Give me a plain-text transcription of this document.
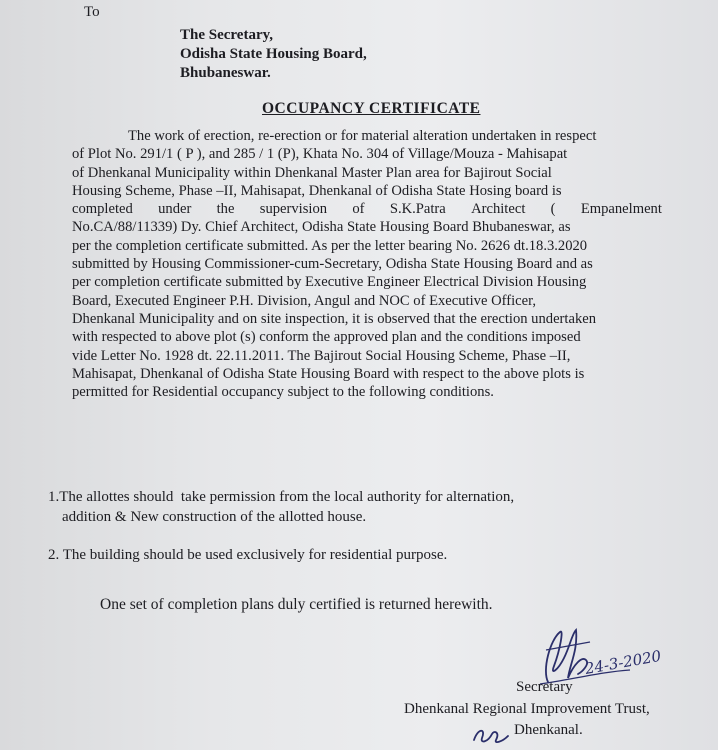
To
The Secretary,
Odisha State Housing Board,
Bhubaneswar.
OCCUPANCY CERTIFICATE
The work of erection, re-erection or for material alteration undertaken in respect
of Plot No. 291/1 ( P ), and 285 / 1 (P), Khata No. 304 of Village/Mouza - Mahisapat
of Dhenkanal Municipality within Dhenkanal Master Plan area for Bajirout Social
Housing Scheme, Phase –II, Mahisapat, Dhenkanal of Odisha State Hosing board is
completed under the supervision of S.K.Patra Architect ( Empanelment
No.CA/88/11339) Dy. Chief Architect, Odisha State Housing Board Bhubaneswar, as
per the completion certificate submitted. As per the letter bearing No. 2626 dt.18.3.2020
submitted by Housing Commissioner-cum-Secretary, Odisha State Housing Board and as
per completion certificate submitted by Executive Engineer Electrical Division Housing
Board, Executed Engineer P.H. Division, Angul and NOC of Executive Officer,
Dhenkanal Municipality and on site inspection, it is observed that the erection undertaken
with respected to above plot (s) conform the approved plan and the conditions imposed
vide Letter No. 1928 dt. 22.11.2011. The Bajirout Social Housing Scheme, Phase –II,
Mahisapat, Dhenkanal of Odisha State Housing Board with respect to the above plots is
permitted for Residential occupancy subject to the following conditions.
1.The allottes should  take permission from the local authority for alternation,
addition & New construction of the allotted house.
2. The building should be used exclusively for residential purpose.
One set of completion plans duly certified is returned herewith.
24-3-2020
Secretary
Dhenkanal Regional Improvement Trust,
Dhenkanal.
